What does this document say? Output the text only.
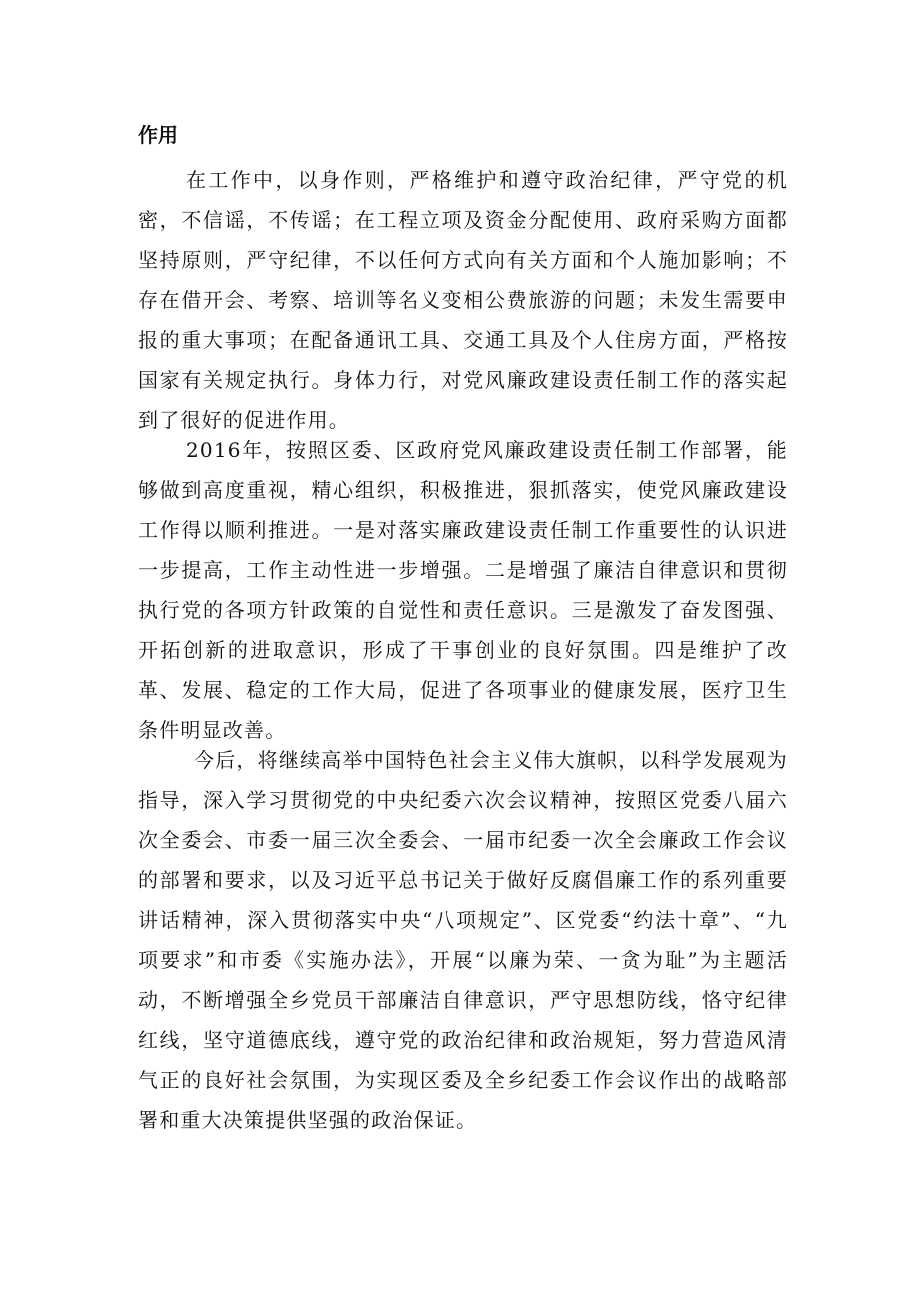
作用

在工作中，以身作则，严格维护和遵守政治纪律，严守党的机密，不信谣，不传谣；在工程立项及资金分配使用、政府采购方面都坚持原则，严守纪律，不以任何方式向有关方面和个人施加影响；不存在借开会、考察、培训等名义变相公费旅游的问题；未发生需要申报的重大事项；在配备通讯工具、交通工具及个人住房方面，严格按国家有关规定执行。身体力行，对党风廉政建设责任制工作的落实起到了很好的促进作用。

2016年，按照区委、区政府党风廉政建设责任制工作部署，能够做到高度重视，精心组织，积极推进，狠抓落实，使党风廉政建设工作得以顺利推进。一是对落实廉政建设责任制工作重要性的认识进一步提高，工作主动性进一步增强。二是增强了廉洁自律意识和贯彻执行党的各项方针政策的自觉性和责任意识。三是激发了奋发图强、开拓创新的进取意识，形成了干事创业的良好氛围。四是维护了改革、发展、稳定的工作大局，促进了各项事业的健康发展，医疗卫生条件明显改善。

今后，将继续高举中国特色社会主义伟大旗帜，以科学发展观为指导，深入学习贯彻党的中央纪委六次会议精神，按照区党委八届六次全委会、市委一届三次全委会、一届市纪委一次全会廉政工作会议的部署和要求，以及习近平总书记关于做好反腐倡廉工作的系列重要讲话精神，深入贯彻落实中央“八项规定”、区党委“约法十章”、“九项要求”和市委《实施办法》，开展“以廉为荣、一贪为耻”为主题活动，不断增强全乡党员干部廉洁自律意识，严守思想防线，恪守纪律红线，坚守道德底线，遵守党的政治纪律和政治规矩，努力营造风清气正的良好社会氛围，为实现区委及全乡纪委工作会议作出的战略部署和重大决策提供坚强的政治保证。
